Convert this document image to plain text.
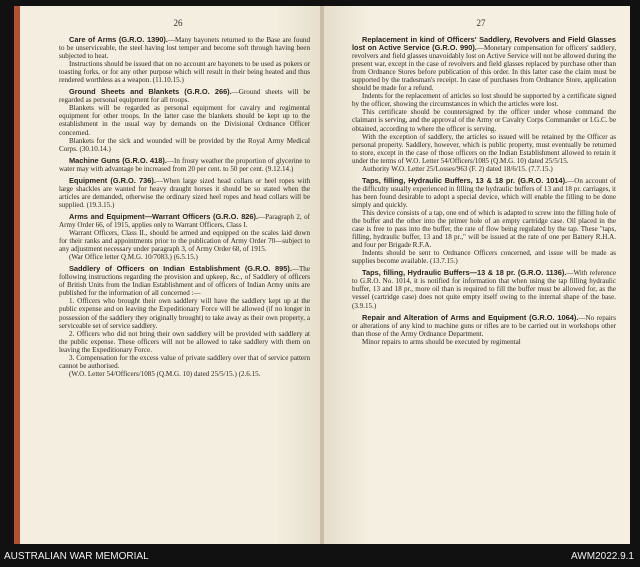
26

Care of Arms (G.R.O. 1390).—Many bayonets returned to the Base are found to be unserviceable, the steel having lost temper and become soft through having been subjected to heat.

Instructions should be issued that on no account are bayonets to be used as pokers or toasting forks, or for any other purpose which will result in their being heated and thus rendered worthless as a weapon. (11.10.15.)

Ground Sheets and Blankets (G.R.O. 266).—Ground sheets will be regarded as personal equipment for all troops.

Blankets will be regarded as personal equipment for cavalry and regimental equipment for other troops. In the latter case the blankets should be kept up to the establishment in the usual way by demands on the Divisional Ordnance Officer concerned.

Blankets for the sick and wounded will be provided by the Royal Army Medical Corps. (30.10.14.)

Machine Guns (G.R.O. 418).—In frosty weather the proportion of glycerine to water may with advantage be increased from 20 per cent. to 50 per cent. (9.12.14.)

Equipment (G.R.O. 736).—When large sized head collars or heel ropes with large shackles are wanted for heavy draught horses it should be so stated when the articles are demanded, otherwise the ordinary sized heel ropes and head collars will be supplied. (19.3.15.)

Arms and Equipment—Warrant Officers (G.R.O. 826).—Paragraph 2, of Army Order 66, of 1915, applies only to Warrant Officers, Class I.

Warrant Officers, Class II., should be armed and equipped on the scales laid down for their ranks and appointments prior to the publication of Army Order 70—subject to any adjustment necessary under paragraph 3, of Army Order 68, of 1915.

(War Office letter Q.M.G. 10/7083.) (6.5.15.)

Saddlery of Officers on Indian Establishment (G.R.O. 895).—The following instructions regarding the provision and upkeep, &c., of Saddlery of officers of British Units from the Indian Establishment and of officers of Indian Army units are published for the information of all concerned :—

1. Officers who brought their own saddlery will have the saddlery kept up at the public expense and on leaving the Expeditionary Force will be allowed (if no longer in possession of the saddlery they originally brought) to take away as their own property, a serviceable set of service saddlery.

2. Officers who did not bring their own saddlery will be provided with saddlery at the public expense. These officers will not be allowed to take saddlery with them on leaving the Expeditionary Force.

3. Compensation for the excess value of private saddlery over that of service pattern cannot be authorised.

(W.O. Letter 54/Officers/1085 (Q.M.G. 10) dated 25/5/15.) (2.6.15.

27

Replacement in kind of Officers' Saddlery, Revolvers and Field Glasses lost on Active Service (G.R.O. 990).—Monetary compensation for officers' saddlery, revolvers and field glasses unavoidably lost on Active Service will not be allowed during the present war, except in the case of revolvers and field glasses replaced by purchase other than from Ordnance Stores before publication of this order. In this latter case the claim must be supported by the tradesman's receipt. In case of purchases from Ordnance Store, application should be made for a refund.

Indents for the replacement of articles so lost should be supported by a certificate signed by the officer, showing the circumstances in which the articles were lost.

This certificate should be countersigned by the officer under whose command the claimant is serving, and the approval of the Army or Cavalry Corps Commander or I.G.C. be obtained, according to where the officer is serving.

With the exception of saddlery, the articles so issued will be retained by the Officer as personal property. Saddlery, however, which is public property, must eventually be returned to store, except in the case of those officers on the Indian Establishment allowed to retain it under the terms of W.O. Letter 54/Officers/1085 (Q.M.G. 10) dated 25/5/15.

Authority W.O. Letter 25/Losses/963 (F. 2) dated 18/6/15. (7.7.15.)

Taps, filling, Hydraulic Buffers, 13 & 18 pr. (G.R.O. 1014).—On account of the difficulty usually experienced in filling the hydraulic buffers of 13 and 18 pr. carriages, it has been found desirable to adopt a special device, which will enable the filling to be done simply and quickly.

This device consists of a tap, one end of which is adapted to screw into the filling hole of the buffer and the other into the primer hole of an empty cartridge case. Oil placed in the case is free to pass into the buffer, the rate of flow being regulated by the tap. These "taps, filling, hydraulic buffer, 13 and 18 pr.," will be issued at the rate of one per Battery R.H.A. and four per Brigade R.F.A.

Indents should be sent to Ordnance Officers concerned, and issue will be made as supplies become available. (13.7.15.)

Taps, filling, Hydraulic Buffers—13 & 18 pr. (G.R.O. 1136).—With reference to G.R.O. No. 1014, it is notified for information that when using the tap filling hydraulic buffer, 13 and 18 pr., more oil than is required to fill the buffer must be allowed for, as the vessel (cartridge case) does not quite empty itself owing to the internal shape of the base. (3.9.15.)

Repair and Alteration of Arms and Equipment (G.R.O. 1064).—No repairs or alterations of any kind to machine guns or rifles are to be carried out in workshops other than those of the Army Ordnance Department.

Minor repairs to arms should be executed by regimental

AUSTRALIAN WAR MEMORIAL	AWM2022.9.1
